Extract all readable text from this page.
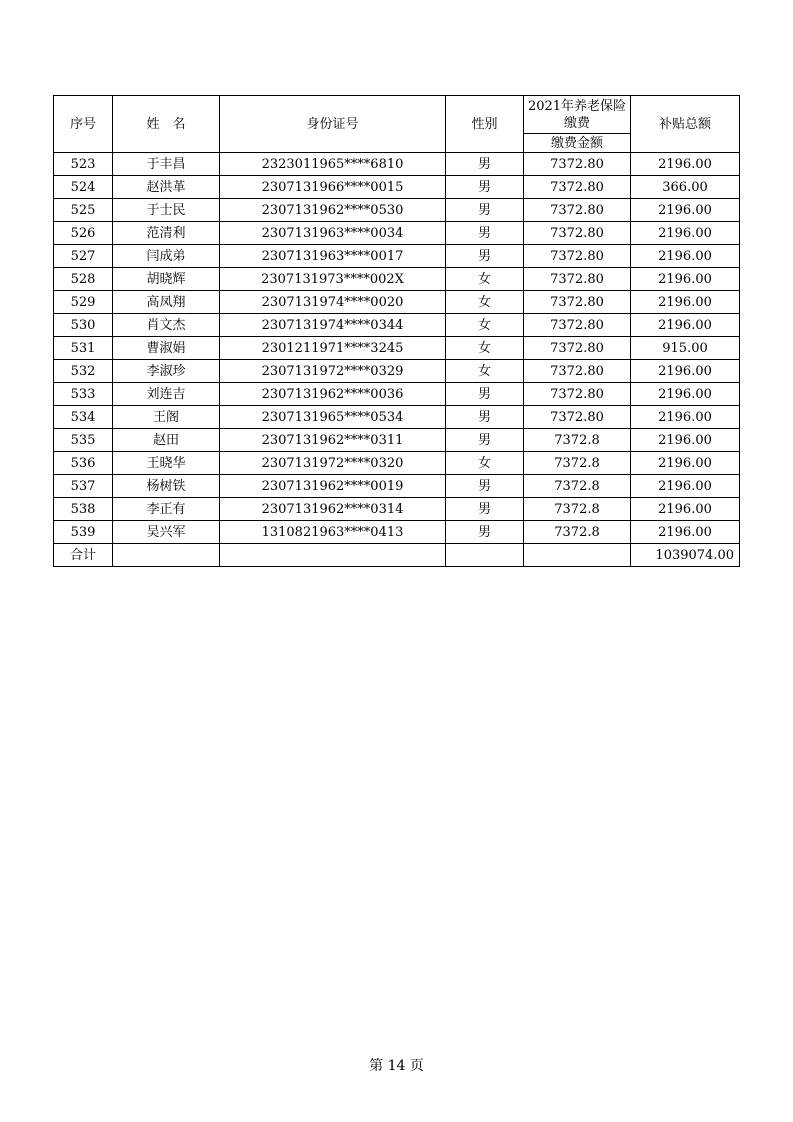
序号	姓　名	身份证号	性别	2021年养老保险缴费	补贴总额
				缴费金额	
523	于丰昌	2323011965****6810	男	7372.80	2196.00
524	赵洪革	2307131966****0015	男	7372.80	366.00
525	于士民	2307131962****0530	男	7372.80	2196.00
526	范清利	2307131963****0034	男	7372.80	2196.00
527	闫成弟	2307131963****0017	男	7372.80	2196.00
528	胡晓辉	2307131973****002X	女	7372.80	2196.00
529	高凤翔	2307131974****0020	女	7372.80	2196.00
530	肖文杰	2307131974****0344	女	7372.80	2196.00
531	曹淑娟	2301211971****3245	女	7372.80	915.00
532	李淑珍	2307131972****0329	女	7372.80	2196.00
533	刘连吉	2307131962****0036	男	7372.80	2196.00
534	王阁	2307131965****0534	男	7372.80	2196.00
535	赵田	2307131962****0311	男	7372.8	2196.00
536	王晓华	2307131972****0320	女	7372.8	2196.00
537	杨树铁	2307131962****0019	男	7372.8	2196.00
538	李正有	2307131962****0314	男	7372.8	2196.00
539	吴兴军	1310821963****0413	男	7372.8	2196.00
合计					1039074.00
第 14 页
